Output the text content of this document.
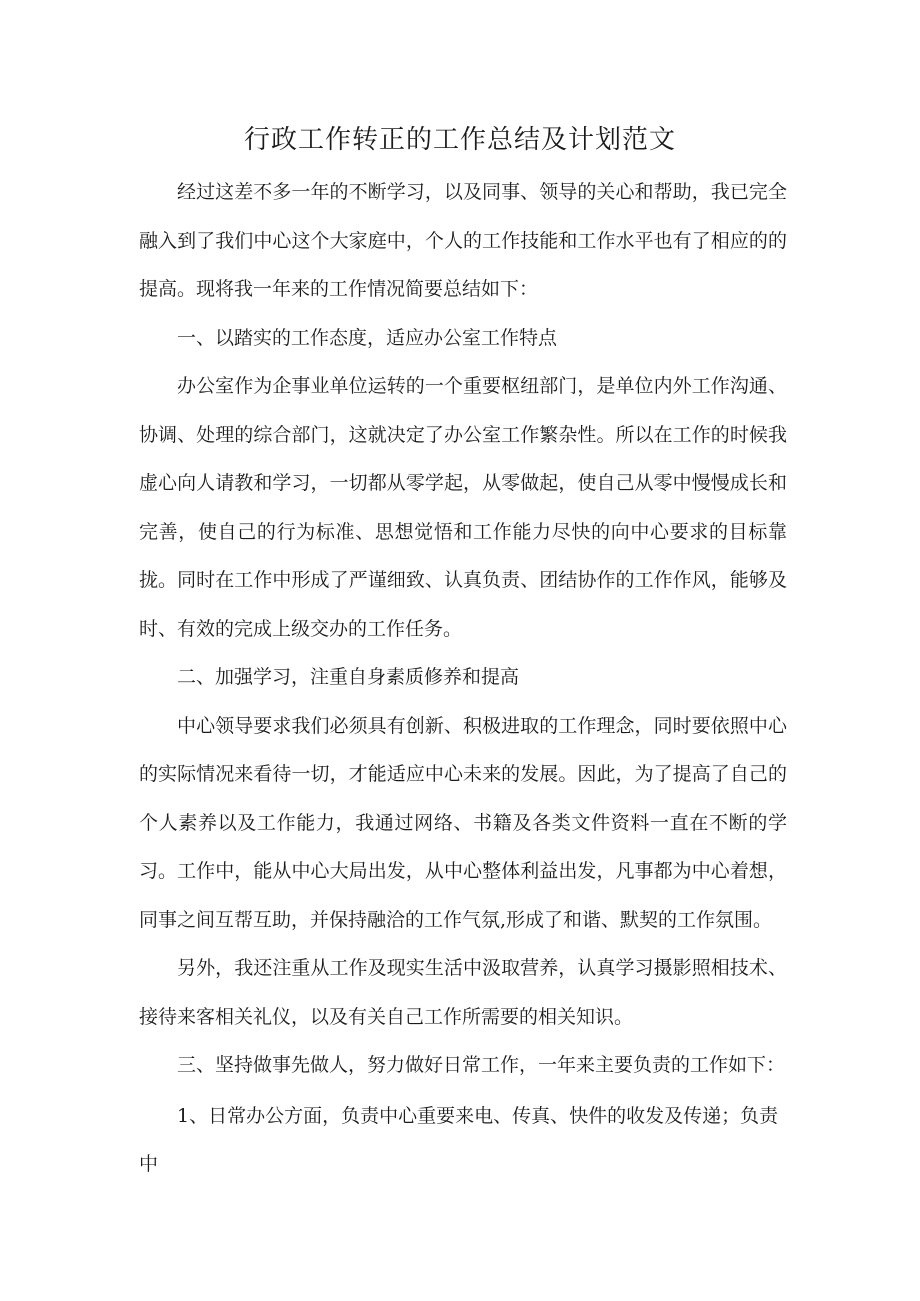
行政工作转正的工作总结及计划范文

经过这差不多一年的不断学习，以及同事、领导的关心和帮助，我已完全融入到了我们中心这个大家庭中，个人的工作技能和工作水平也有了相应的的提高。现将我一年来的工作情况简要总结如下：

一、以踏实的工作态度，适应办公室工作特点

办公室作为企事业单位运转的一个重要枢纽部门，是单位内外工作沟通、协调、处理的综合部门，这就决定了办公室工作繁杂性。所以在工作的时候我虚心向人请教和学习，一切都从零学起，从零做起，使自己从零中慢慢成长和完善，使自己的行为标准、思想觉悟和工作能力尽快的向中心要求的目标靠拢。同时在工作中形成了严谨细致、认真负责、团结协作的工作作风，能够及时、有效的完成上级交办的工作任务。

二、加强学习，注重自身素质修养和提高

中心领导要求我们必须具有创新、积极进取的工作理念，同时要依照中心的实际情况来看待一切，才能适应中心未来的发展。因此，为了提高了自己的个人素养以及工作能力，我通过网络、书籍及各类文件资料一直在不断的学习。工作中，能从中心大局出发，从中心整体利益出发，凡事都为中心着想，同事之间互帮互助，并保持融洽的工作气氛,形成了和谐、默契的工作氛围。

另外，我还注重从工作及现实生活中汲取营养，认真学习摄影照相技术、接待来客相关礼仪，以及有关自己工作所需要的相关知识。

三、坚持做事先做人，努力做好日常工作，一年来主要负责的工作如下：

1、日常办公方面，负责中心重要来电、传真、快件的收发及传递；负责中
